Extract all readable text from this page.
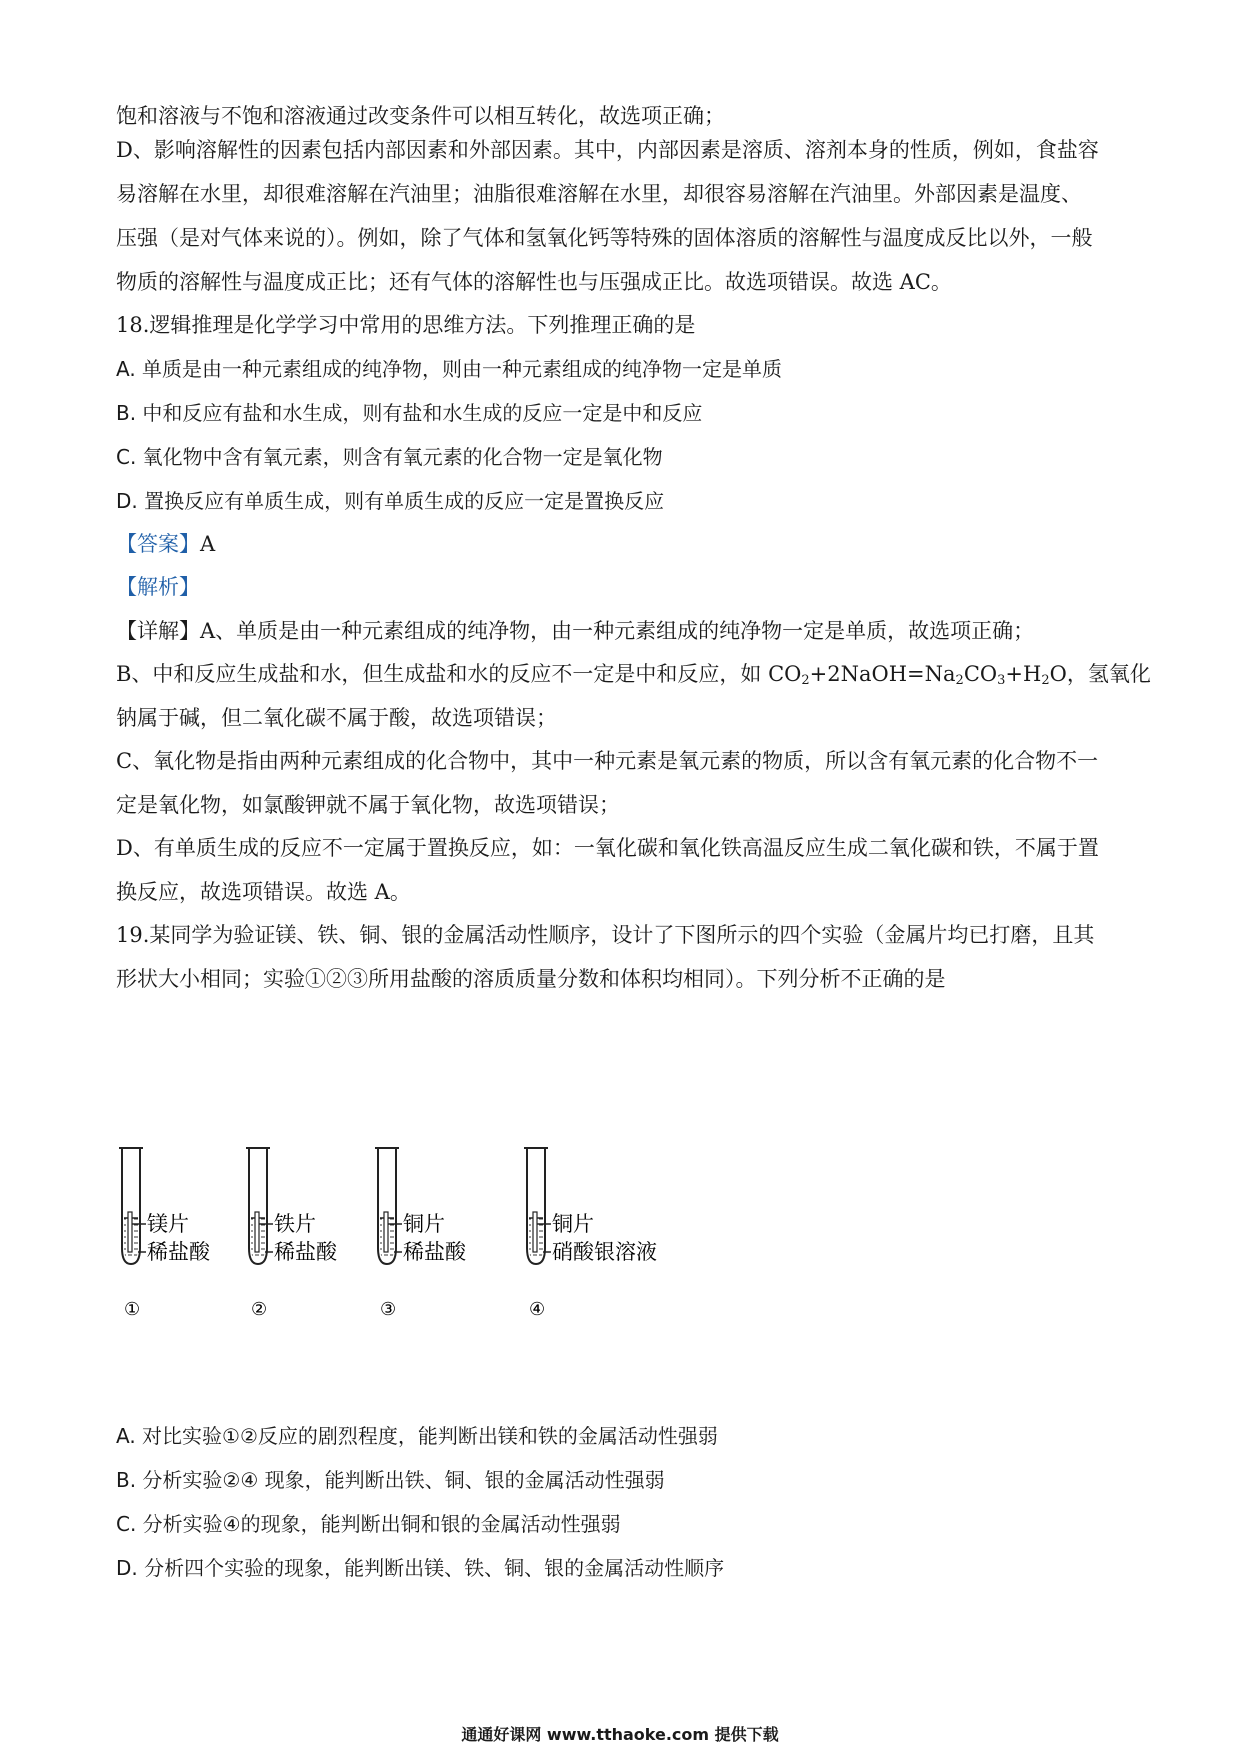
饱和溶液与不饱和溶液通过改变条件可以相互转化，故选项正确；
D、影响溶解性的因素包括内部因素和外部因素。其中，内部因素是溶质、溶剂本身的性质，例如，食盐容
易溶解在水里，却很难溶解在汽油里；油脂很难溶解在水里，却很容易溶解在汽油里。外部因素是温度、
压强（是对气体来说的）。例如，除了气体和氢氧化钙等特殊的固体溶质的溶解性与温度成反比以外，一般
物质的溶解性与温度成正比；还有气体的溶解性也与压强成正比。故选项错误。故选 AC。
18.逻辑推理是化学学习中常用的思维方法。下列推理正确的是
A. 单质是由一种元素组成的纯净物，则由一种元素组成的纯净物一定是单质
B. 中和反应有盐和水生成，则有盐和水生成的反应一定是中和反应
C. 氧化物中含有氧元素，则含有氧元素的化合物一定是氧化物
D. 置换反应有单质生成，则有单质生成的反应一定是置换反应
【答案】A
【解析】
【详解】A、单质是由一种元素组成的纯净物，由一种元素组成的纯净物一定是单质，故选项正确；
B、中和反应生成盐和水，但生成盐和水的反应不一定是中和反应，如 $CO_2+2NaOH=Na_2CO_3+H_2O$，氢氧化
钠属于碱，但二氧化碳不属于酸，故选项错误；
C、氧化物是指由两种元素组成的化合物中，其中一种元素是氧元素的物质，所以含有氧元素的化合物不一
定是氧化物，如氯酸钾就不属于氧化物，故选项错误；
D、有单质生成的反应不一定属于置换反应，如：一氧化碳和氧化铁高温反应生成二氧化碳和铁，不属于置
换反应，故选项错误。故选 A。
19.某同学为验证镁、铁、铜、银的金属活动性顺序，设计了下图所示的四个实验（金属片均已打磨，且其
形状大小相同；实验①②③所用盐酸的溶质质量分数和体积均相同）。下列分析不正确的是
镁片
稀盐酸
①
铁片
稀盐酸
②
铜片
稀盐酸
③
铜片
硝酸银溶液
④
A. 对比实验①②反应的剧烈程度，能判断出镁和铁的金属活动性强弱
B. 分析实验②④ 现象，能判断出铁、铜、银的金属活动性强弱
C. 分析实验④的现象，能判断出铜和银的金属活动性强弱
D. 分析四个实验的现象，能判断出镁、铁、铜、银的金属活动性顺序
通通好课网 www.tthaoke.com 提供下载
